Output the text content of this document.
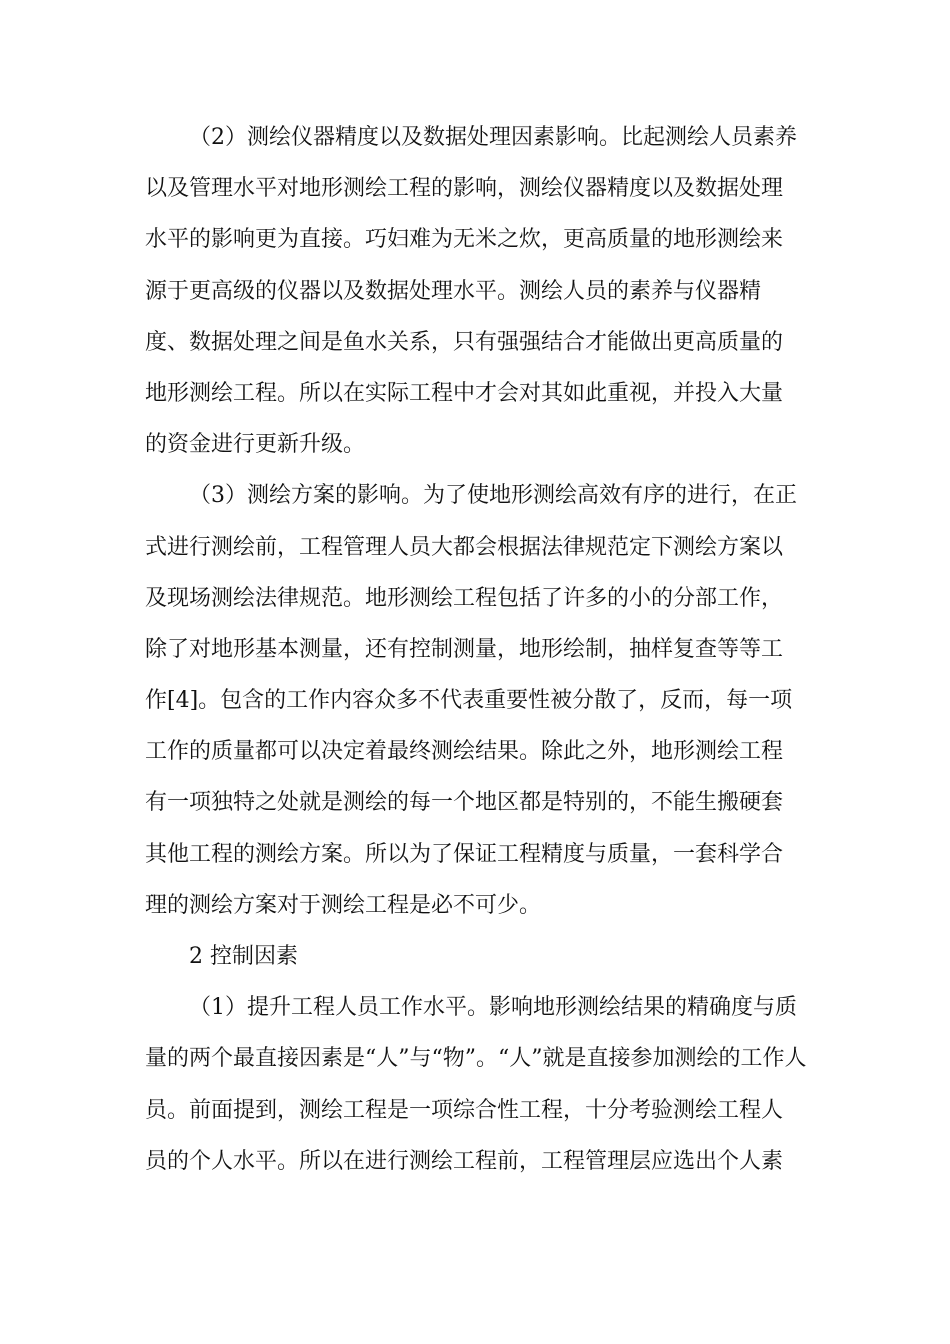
（2）测绘仪器精度以及数据处理因素影响。比起测绘人员素养
以及管理水平对地形测绘工程的影响，测绘仪器精度以及数据处理
水平的影响更为直接。巧妇难为无米之炊，更高质量的地形测绘来
源于更高级的仪器以及数据处理水平。测绘人员的素养与仪器精
度、数据处理之间是鱼水关系，只有强强结合才能做出更高质量的
地形测绘工程。所以在实际工程中才会对其如此重视，并投入大量
的资金进行更新升级。
（3）测绘方案的影响。为了使地形测绘高效有序的进行，在正
式进行测绘前，工程管理人员大都会根据法律规范定下测绘方案以
及现场测绘法律规范。地形测绘工程包括了许多的小的分部工作，
除了对地形基本测量，还有控制测量，地形绘制，抽样复查等等工
作[4]。包含的工作内容众多不代表重要性被分散了，反而，每一项
工作的质量都可以决定着最终测绘结果。除此之外，地形测绘工程
有一项独特之处就是测绘的每一个地区都是特别的，不能生搬硬套
其他工程的测绘方案。所以为了保证工程精度与质量，一套科学合
理的测绘方案对于测绘工程是必不可少。
2 控制因素
（1）提升工程人员工作水平。影响地形测绘结果的精确度与质
量的两个最直接因素是“人”与“物”。“人”就是直接参加测绘的工作人
员。前面提到，测绘工程是一项综合性工程，十分考验测绘工程人
员的个人水平。所以在进行测绘工程前，工程管理层应选出个人素
